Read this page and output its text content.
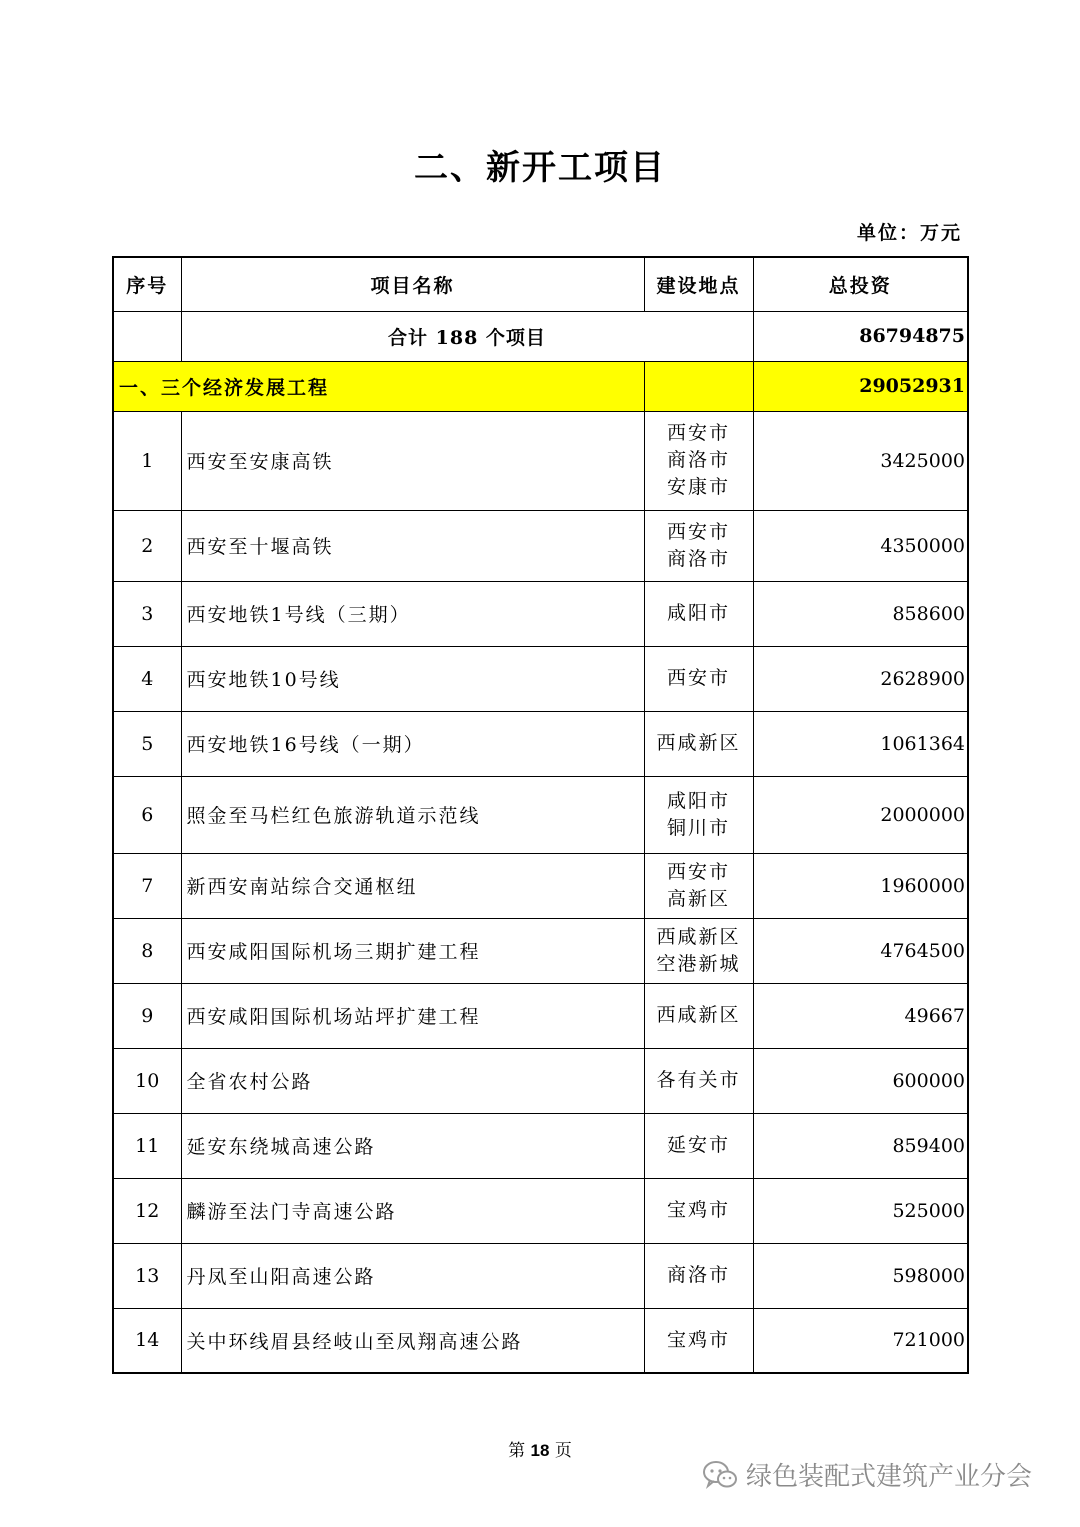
二、新开工项目
单位：万元
序号	项目名称	建设地点	总投资
	合计 188 个项目		86794875
一、三个经济发展工程			29052931
1	西安至安康高铁	西安市
商洛市
安康市	3425000
2	西安至十堰高铁	西安市
商洛市	4350000
3	西安地铁1号线（三期）	咸阳市	858600
4	西安地铁10号线	西安市	2628900
5	西安地铁16号线（一期）	西咸新区	1061364
6	照金至马栏红色旅游轨道示范线	咸阳市
铜川市	2000000
7	新西安南站综合交通枢纽	西安市
高新区	1960000
8	西安咸阳国际机场三期扩建工程	西咸新区
空港新城	4764500
9	西安咸阳国际机场站坪扩建工程	西咸新区	49667
10	全省农村公路	各有关市	600000
11	延安东绕城高速公路	延安市	859400
12	麟游至法门寺高速公路	宝鸡市	525000
13	丹凤至山阳高速公路	商洛市	598000
14	关中环线眉县经岐山至凤翔高速公路	宝鸡市	721000
第 18 页
绿色装配式建筑产业分会
